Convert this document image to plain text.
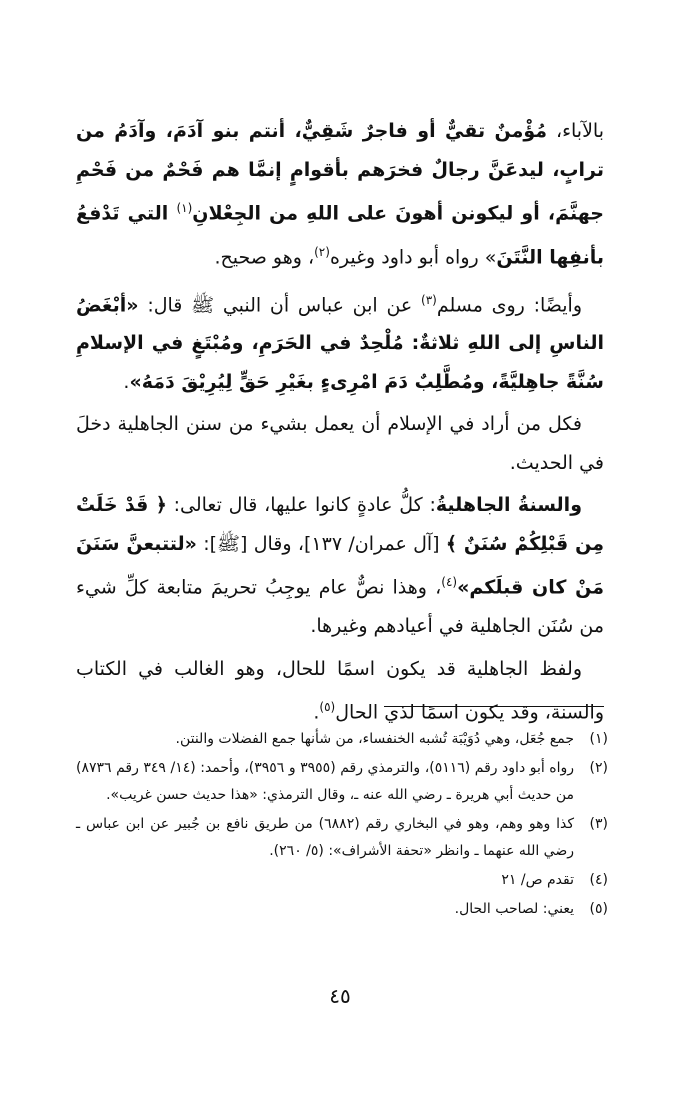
بالآباء، مُؤْمنٌ تقيٌّ أو فاجرٌ شَقِيٌّ، أنتم بنو آدَمَ، وآدَمُ من ترابٍ، ليدعَنَّ رجالٌ فخرَهم بأقوامٍ إنمَّا هم فَحْمٌ من فَحْمِ جهنَّمَ، أو ليكونن أهونَ على اللهِ من الجِعْلانِ$^{(١)}$ التي تَدْفعُ بأنفِها النَّتَنَ» رواه أبو داود وغيره$^{(٢)}$، وهو صحيح.

وأيضًا: روى مسلم$^{(٣)}$ عن ابن عباس أن النبي ﷺ قال: «أبْغَضُ الناسِ إلى اللهِ ثلاثةٌ: مُلْحِدٌ في الحَرَمِ، ومُبْتَغٍ في الإسلامِ سُنَّةً جاهِليَّةً، ومُطَّلِبٌ دَمَ امْرِىءٍ بغَيْرِ حَقٍّ لِيُرِيْقَ دَمَهُ».

فكل من أراد في الإسلام أن يعمل بشيء من سنن الجاهلية دخلَ في الحديث.

والسنةُ الجاهليةُ: كلُّ عادةٍ كانوا عليها، قال تعالى: ﴿ قَدْ خَلَتْ مِن قَبْلِكُمْ سُنَنٌ ﴾ [آل عمران/ ١٣٧]، وقال [ﷺ]: «لتتبعنَّ سَنَنَ مَنْ كان قبلَكم»$^{(٤)}$، وهذا نصٌّ عام يوجِبُ تحريمَ متابعة كلِّ شيء من سُنَن الجاهلية في أعيادهم وغيرها.

ولفظ الجاهلية قد يكون اسمًا للحال، وهو الغالب في الكتاب والسنة، وقد يكون اسمًا لذي الحال$^{(٥)}$.

(١)
جمع جُعَل، وهي دُوَيْبَة تُشبه الخنفساء، من شأنها جمع الفضلات والنتن.
(٢)
رواه أبو داود رقم (٥١١٦)، والترمذي رقم (٣٩٥٥ و ٣٩٥٦)، وأحمد: (١٤/ ٣٤٩ رقم ٨٧٣٦) من حديث أبي هريرة ـ رضي الله عنه ـ، وقال الترمذي: «هذا حديث حسن غريب».
(٣)
كذا وهو وهم، وهو في البخاري رقم (٦٨٨٢) من طريق نافع بن جُبير عن ابن عباس ـ رضي الله عنهما ـ وانظر «تحفة الأشراف»: (٥/ ٢٦٠).
(٤)
تقدم ص/ ٢١
(٥)
يعني: لصاحب الحال.
٤٥
